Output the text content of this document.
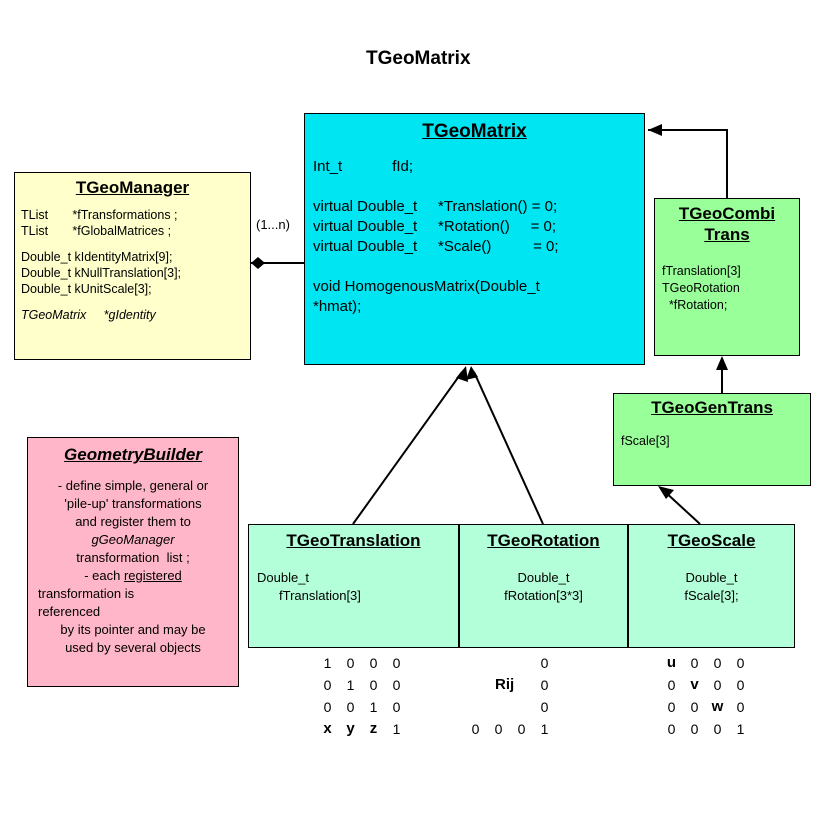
TGeoMatrix
TGeoMatrix
Int_t            fId;
virtual Double_t     *Translation() = 0;
virtual Double_t     *Rotation()     = 0;
virtual Double_t     *Scale()          = 0;
void HomogenousMatrix(Double_t
*hmat);
TGeoManager
TList       *fTransformations ;
TList       *fGlobalMatrices ;
Double_t kIdentityMatrix[9];
Double_t kNullTranslation[3];
Double_t kUnitScale[3];
TGeoMatrix     *gIdentity
(1...n)
TGeoCombi
Trans
fTranslation[3]
TGeoRotation
*fRotation;
TGeoGenTrans
fScale[3]
GeometryBuilder
- define simple, general or
'pile-up' transformations
and register them to
gGeoManager
transformation  list ;
- each registered
transformation is
referenced
by its pointer and may be
used by several objects
TGeoTranslation
Double_t
fTranslation[3]
TGeoRotation
Double_t
fRotation[3*3]
TGeoScale
Double_t
fScale[3];
1	0	0	0
0	1	0	0
0	0	1	0
x	y	z	1
			0
			0
			0
0	0	0	1
Rij
u	0	0	0
0	v	0	0
0	0	w	0
0	0	0	1
